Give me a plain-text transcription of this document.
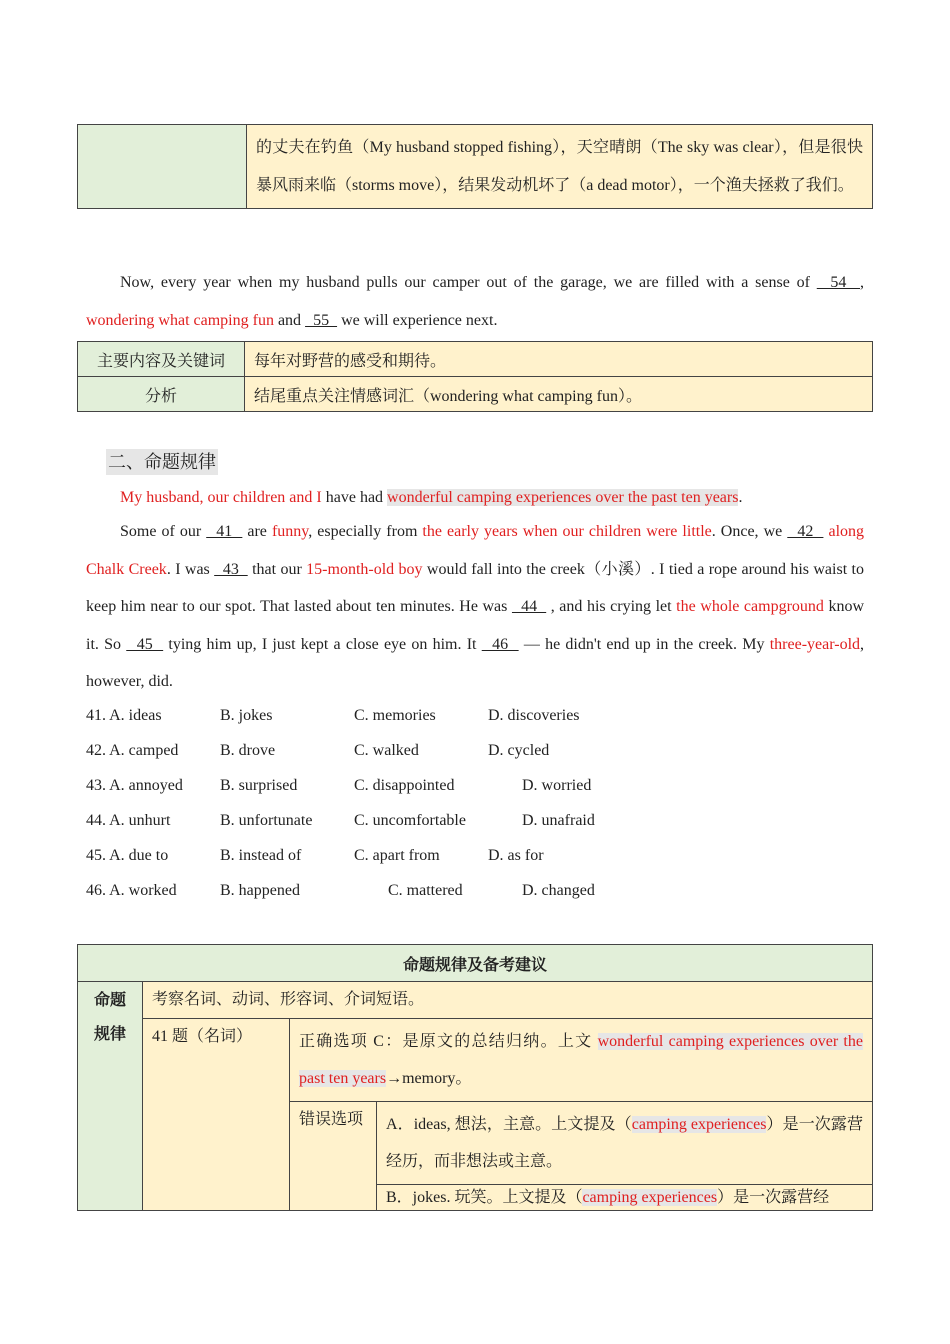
	的丈夫在钓鱼（My husband stopped fishing），天空晴朗（The sky was clear），但是很快暴风雨来临（storms move），结果发动机坏了（a dead motor），一个渔夫拯救了我们。
Now, every year when my husband pulls our camper out of the garage, we are filled with a sense of   54  , wondering what camping fun and   55   we will experience next.
主要内容及关键词	每年对野营的感受和期待。
分析	结尾重点关注情感词汇（wondering what camping fun）。
二、命题规律
My husband, our children and I have had wonderful camping experiences over the past ten years.
Some of our   41   are funny, especially from the early years when our children were little. Once, we   42   along Chalk Creek. I was   43   that our 15-month-old boy would fall into the creek（小溪）. I tied a rope around his waist to keep him near to our spot. That lasted about ten minutes. He was   44   , and his crying let the whole campground know it. So   45   tying him up, I just kept a close eye on him. It   46   — he didn't end up in the creek. My three-year-old, however, did.
41. A. ideas	B. jokes	C. memories	D. discoveries
42. A. camped	B. drove	C. walked	D. cycled
43. A. annoyed B. surprised	C. disappointed	D. worried
44. A. unhurt	B. unfortunate	C. uncomfortable	D. unafraid
45. A. due to	B. instead of	C. apart from	D. as for
46. A. worked	B. happened	C. mattered	D. changed
命题规律及备考建议			
命题
规律	考察名词、动词、形容词、介词短语。		
	41 题（名词）	正确选项 C：是原文的总结归纳。上文 wonderful camping experiences over the past ten years→memory。	
		错误选项	A．ideas, 想法，主意。上文提及（camping experiences）是一次露营经历，而非想法或主意。
			B．jokes. 玩笑。上文提及（camping experiences）是一次露营经
